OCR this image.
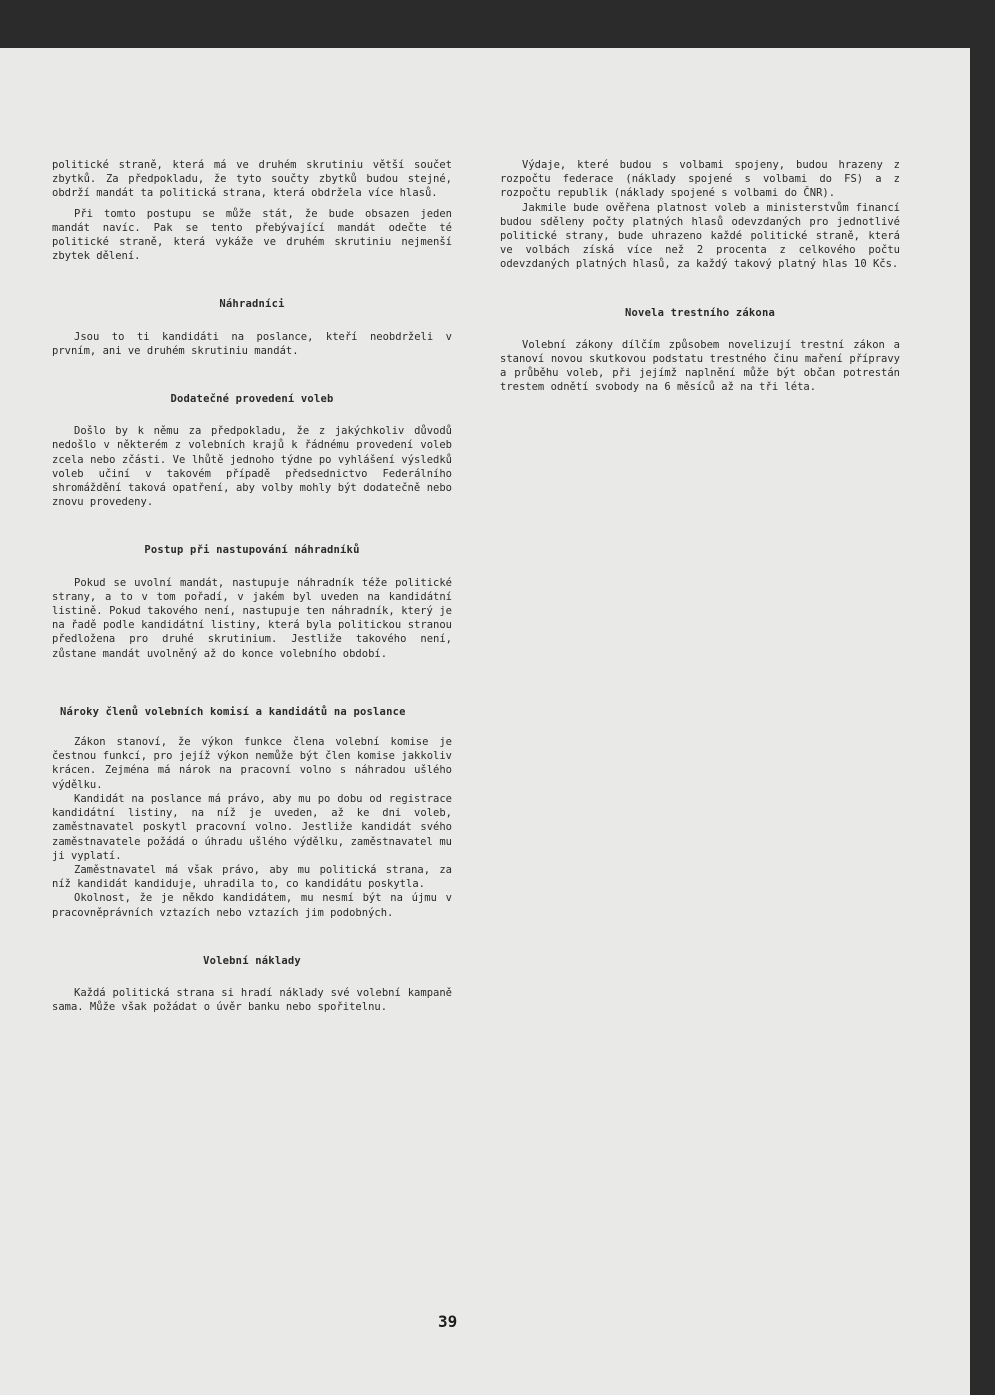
politické straně, která má ve druhém skrutiniu větší součet zbytků. Za předpokladu, že tyto součty zbytků budou stejné, obdrží mandát ta politická strana, která obdržela více hlasů.

Při tomto postupu se může stát, že bude obsazen jeden mandát navíc. Pak se tento přebývající mandát odečte té politické straně, která vykáže ve druhém skrutiniu nejmenší zbytek dělení.

Náhradníci

Jsou to ti kandidáti na poslance, kteří neobdrželi v prvním, ani ve druhém skrutiniu mandát.

Dodatečné provedení voleb

Došlo by k němu za předpokladu, že z jakýchkoliv důvodů nedošlo v některém z volebních krajů k řádnému provedení voleb zcela nebo zčásti. Ve lhůtě jednoho týdne po vyhlášení výsledků voleb učiní v takovém případě předsednictvo Federálního shromáždění taková opatření, aby volby mohly být dodatečně nebo znovu provedeny.

Postup při nastupování náhradníků

Pokud se uvolní mandát, nastupuje náhradník téže politické strany, a to v tom pořadí, v jakém byl uveden na kandidátní listině. Pokud takového není, nastupuje ten náhradník, který je na řadě podle kandidátní listiny, která byla politickou stranou předložena pro druhé skrutinium. Jestliže takového není, zůstane mandát uvolněný až do konce volebního období.

Nároky členů volebních komisí a kandidátů na poslance

Zákon stanoví, že výkon funkce člena volební komise je čestnou funkcí, pro jejíž výkon nemůže být člen komise jakkoliv krácen. Zejména má nárok na pracovní volno s náhradou ušlého výdělku.

Kandidát na poslance má právo, aby mu po dobu od registrace kandidátní listiny, na níž je uveden, až ke dni voleb, zaměstnavatel poskytl pracovní volno. Jestliže kandidát svého zaměstnavatele požádá o úhradu ušlého výdělku, zaměstnavatel mu ji vyplatí.

Zaměstnavatel má však právo, aby mu politická strana, za níž kandidát kandiduje, uhradila to, co kandidátu poskytla.

Okolnost, že je někdo kandidátem, mu nesmí být na újmu v pracovněprávních vztazích nebo vztazích jim podobných.

Volební náklady

Každá politická strana si hradí náklady své volební kampaně sama. Může však požádat o úvěr banku nebo spořitelnu.

Výdaje, které budou s volbami spojeny, budou hrazeny z rozpočtu federace (náklady spojené s volbami do FS) a z rozpočtu republik (náklady spojené s volbami do ČNR).

Jakmile bude ověřena platnost voleb a ministerstvům financí budou sděleny počty platných hlasů odevzdaných pro jednotlivé politické strany, bude uhrazeno každé politické straně, která ve volbách získá více než 2 procenta z celkového počtu odevzdaných platných hlasů, za každý takový platný hlas 10 Kčs.

Novela trestního zákona

Volební zákony dílčím způsobem novelizují trestní zákon a stanoví novou skutkovou podstatu trestného činu maření přípravy a průběhu voleb, při jejímž naplnění může být občan potrestán trestem odnětí svobody na 6 měsíců až na tři léta.

39
